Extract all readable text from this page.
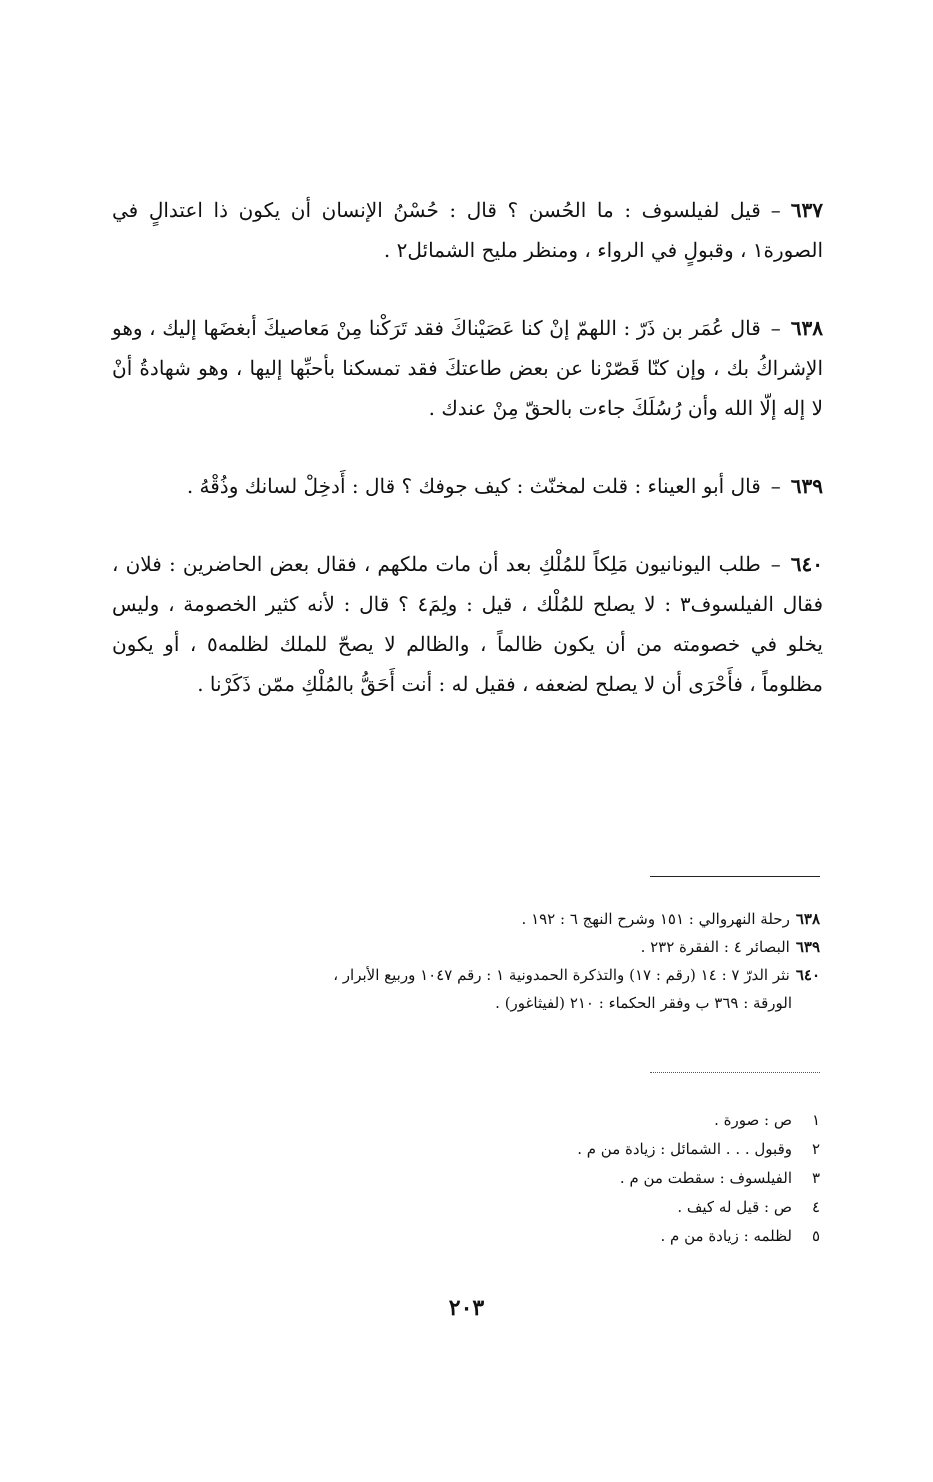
٦٣٧–قيل لفيلسوف : ما الحُسن ؟ قال : حُسْنُ الإنسان أن يكون ذا اعتدالٍ في الصورة١ ، وقبولٍ في الرواء ، ومنظر مليح الشمائل٢ .

٦٣٨–قال عُمَر بن ذَرّ : اللهمّ إنْ كنا عَصَيْناكَ فقد تَرَكْنا مِنْ مَعاصيكَ أبغضَها إليك ، وهو الإشراكُ بك ، وإن كنّا قَصّرْنا عن بعض طاعتكَ فقد تمسكنا بأحبِّها إليها ، وهو شهادةُ أنْ لا إله إلّا الله وأن رُسُلَكَ جاءت بالحقّ مِنْ عندك .

٦٣٩–قال أبو العيناء : قلت لمخنّث : كيف جوفك ؟ قال : أَدخِلْ لسانك وذُقْهُ .

٦٤٠–طلب اليونانيون مَلِكاً للمُلْكِ بعد أن مات ملكهم ، فقال بعض الحاضرين : فلان ، فقال الفيلسوف٣ : لا يصلح للمُلْك ، قيل : ولِمَ٤ ؟ قال : لأنه كثير الخصومة ، وليس يخلو في خصومته من أن يكون ظالماً ، والظالم لا يصحّ للملك لظلمه٥ ، أو يكون مظلوماً ، فأَحْرَى أن لا يصلح لضعفه ، فقيل له : أنت أَحَقُّ بالمُلْكِ ممّن ذَكَرْنا .

٦٣٨رحلة النهروالي : ١٥١ وشرح النهج ٦ : ١٩٢ .

٦٣٩البصائر ٤ : الفقرة ٢٣٢ .

٦٤٠نثر الدرّ ٧ : ١٤ (رقم : ١٧) والتذكرة الحمدونية ١ : رقم ١٠٤٧ وربيع الأبرار ،

الورقة : ٣٦٩ ب وفقر الحكماء : ٢١٠ (لفيثاغور) .

١ص : صورة .

٢وقبول . . . الشمائل : زيادة من م .

٣الفيلسوف : سقطت من م .

٤ص : قيل له كيف .

٥لظلمه : زيادة من م .

٢٠٣
